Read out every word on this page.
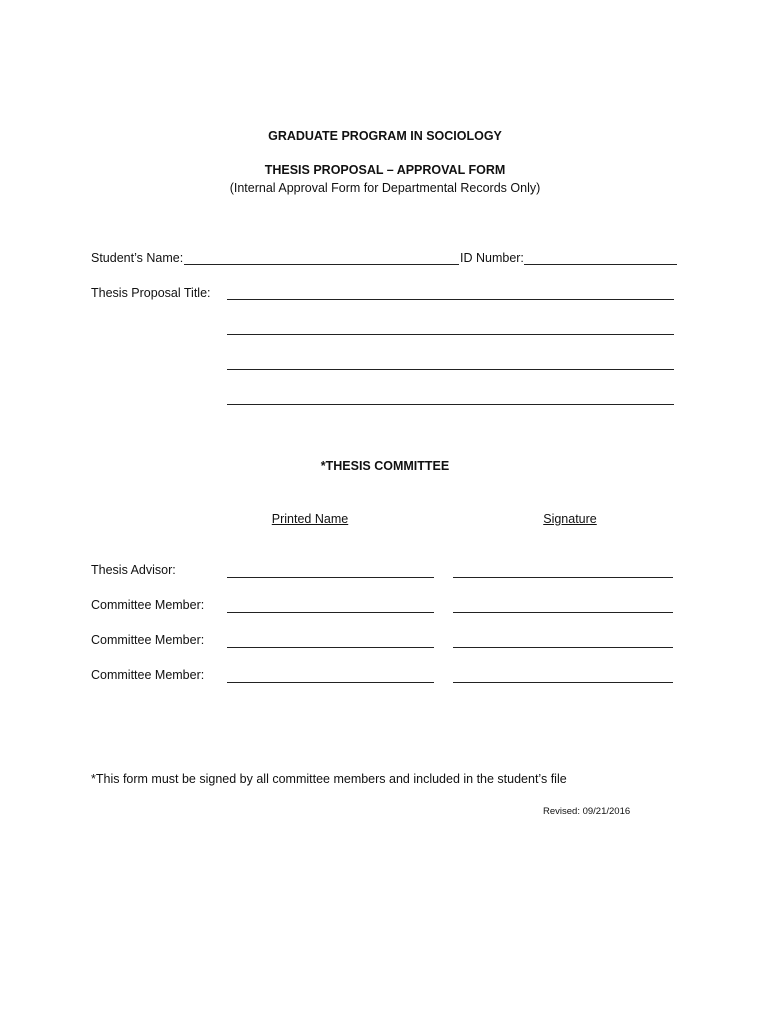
GRADUATE PROGRAM IN SOCIOLOGY
THESIS PROPOSAL – APPROVAL FORM
(Internal Approval Form for Departmental Records Only)
Student’s Name:	ID Number:
Thesis Proposal Title:
*THESIS COMMITTEE
Printed Name	Signature
Thesis Advisor:
Committee Member:
Committee Member:
Committee Member:
*This form must be signed by all committee members and included in the student’s file
Revised: 09/21/2016
